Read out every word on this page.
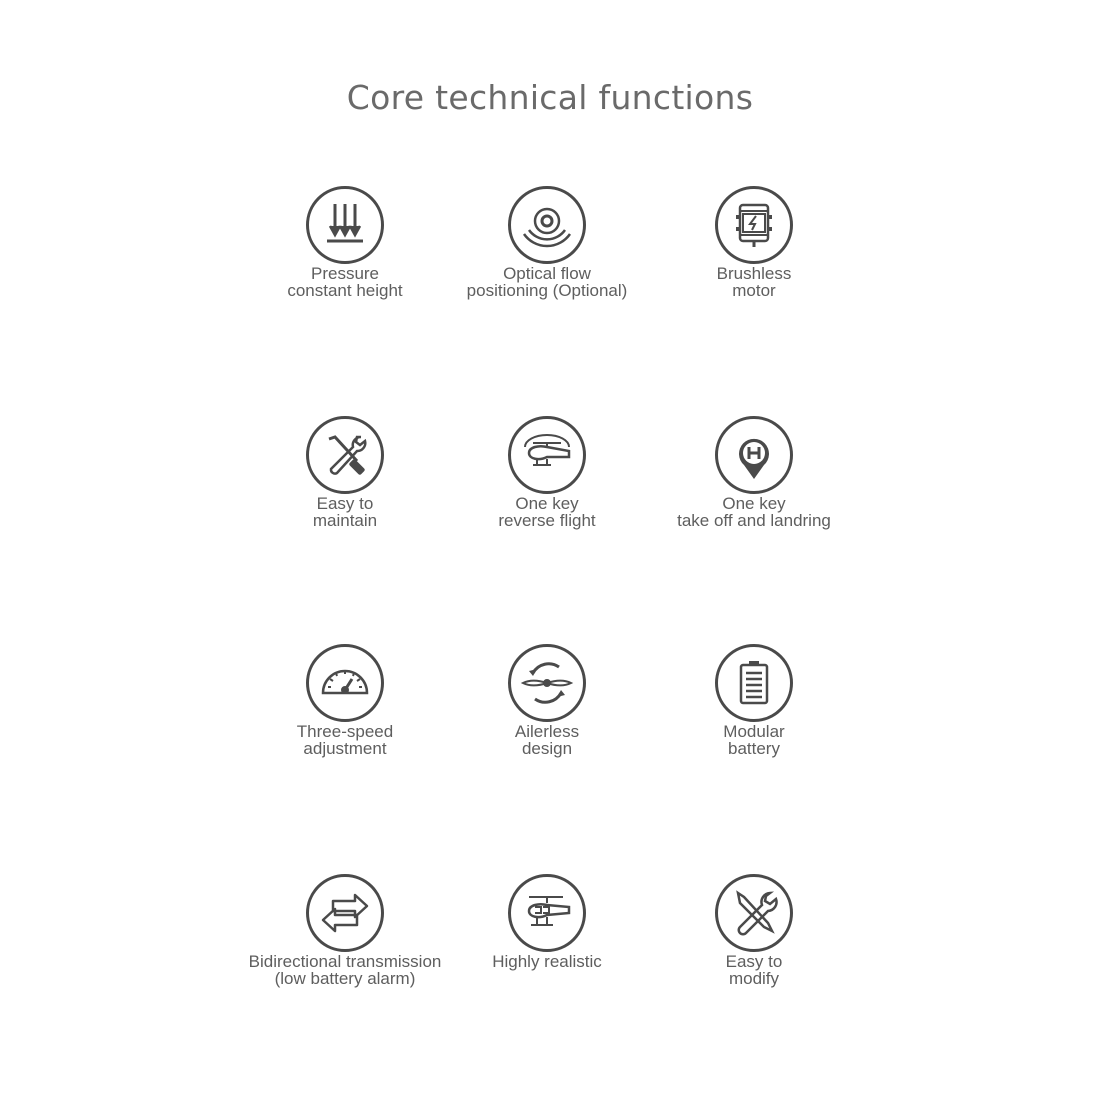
Core technical functions
Pressure
constant height
Optical flow
positioning (Optional)
Brushless
motor
Easy to
maintain
One key
reverse flight
One key
take off and landring
Three-speed
adjustment
Ailerless
design
Modular
battery
Bidirectional transmission
(low battery alarm)
Highly realistic	Easy to
modify
